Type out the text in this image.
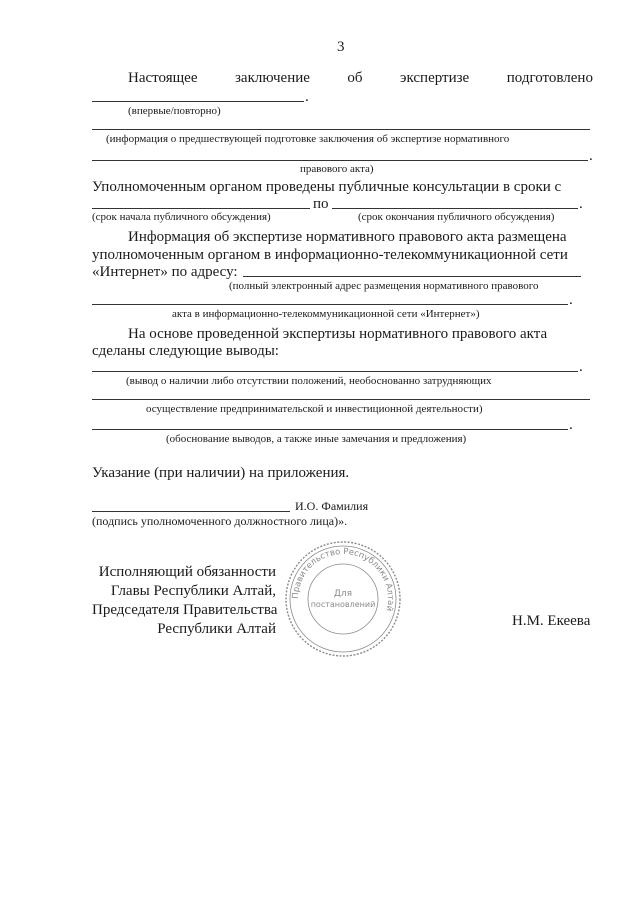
3
Настоящее	заключение	об	экспертизе	подготовлено
.
(впервые/повторно)
(информация о предшествующей подготовке заключения об экспертизе нормативного
.
правового акта)
Уполномоченным органом проведены публичные консультации в сроки с
по	.
(срок начала публичного обсуждения)	(срок окончания публичного обсуждения)
Информация об экспертизе нормативного правового акта размещена
уполномоченным органом в информационно-телекоммуникационной сети
«Интернет» по адресу:
(полный электронный адрес размещения нормативного правового
.
акта в информационно-телекоммуникационной сети «Интернет»)
На основе проведенной экспертизы нормативного правового акта
сделаны следующие выводы:
.
(вывод о наличии либо отсутствии положений, необоснованно затрудняющих
осуществление предпринимательской и инвестиционной деятельности)
.
(обоснование выводов, а также иные замечания и предложения)
Указание (при наличии) на приложения.
И.О. Фамилия
(подпись уполномоченного должностного лица)».
Исполняющий обязанности
Главы Республики Алтай,
Председателя Правительства
Республики Алтай	Н.М. Екеева
Правительство Республики Алтай
Для
постановлений
